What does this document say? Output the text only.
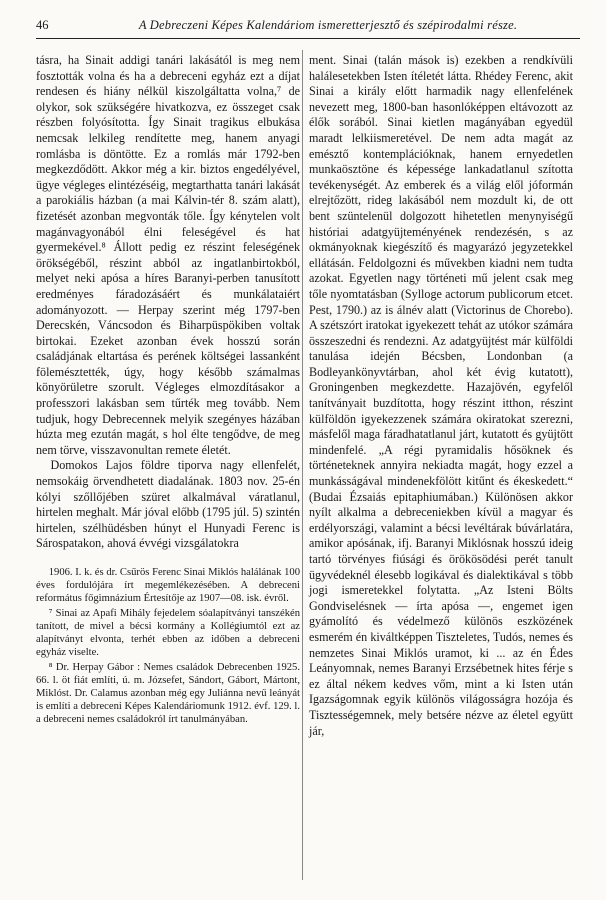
46	A Debreczeni Képes Kalendáriom ismeretterjesztő és szépirodalmi része.

tásra, ha Sinait addigi tanári lakásától is meg nem fosztották volna és ha a debreceni egyház ezt a díjat rendesen és hiány nélkül kiszolgáltatta volna,⁷ de olykor, sok szükségére hivatkozva, ez összeget csak részben folyósította. Így Sinait tragikus elbukása nemcsak lelkileg rendítette meg, hanem anyagi romlásba is döntötte. Ez a romlás már 1792-ben megkezdődött. Akkor még a kir. biztos engedélyével, ügye végleges elintézéséig, megtarthatta tanári lakását a parokiális házban (a mai Kálvin-tér 8. szám alatt), fizetését azonban megvonták tőle. Így kénytelen volt magánvagyonából élni feleségével és hat gyermekével.⁸ Állott pedig ez részint feleségének örökségéből, részint abból az ingatlanbirtokból, melyet neki apósa a híres Baranyi-perben tanusított eredményes fáradozásáért és munkálataiért adományozott. — Herpay szerint még 1797-ben Derecskén, Váncsodon és Biharpüspökiben voltak birtokai. Ezeket azonban évek hosszú során családjának eltartása és perének költségei lassanként fölemésztették, úgy, hogy később számalmas könyörületre szorult. Végleges elmozdításakor a professzori lakásban sem tűrték meg tovább. Nem tudjuk, hogy Debrecennek melyik szegényes házában húzta meg ezután magát, s hol élte tengődve, de meg nem törve, visszavonultan remete életét.

Domokos Lajos földre tiporva nagy ellenfelét, nemsokáig örvendhetett diadalának. 1803 nov. 25-én kólyi szőllőjében szüret alkalmával váratlanul, hirtelen meghalt. Már jóval előbb (1795 júl. 5) szintén hirtelen, szélhüdésben húnyt el Hunyadi Ferenc is Sárospatakon, ahová évvégi vizsgálatokra

1906. I. k. és dr. Csűrös Ferenc Sinai Miklós halálának 100 éves fordulójára írt megemlékezésében. A debreceni református főgimnázium Értesítője az 1907—08. isk. évről.

⁷ Sinai az Apafi Mihály fejedelem sóalapítványi tanszékén tanított, de mivel a bécsi kormány a Kollégiumtól ezt az alapítványt elvonta, terhét ebben az időben a debreceni egyház viselte.

⁸ Dr. Herpay Gábor : Nemes családok Debrecenben 1925. 66. l. öt fiát említi, ú. m. Józsefet, Sándort, Gábort, Mártont, Miklóst. Dr. Calamus azonban még egy Juliánna nevű leányát is említi a debreceni Képes Kalendáriomunk 1912. évf. 129. l. a debreceni nemes családokról írt tanulmányában.

ment. Sinai (talán mások is) ezekben a rendkívüli halálesetekben Isten ítéletét látta. Rhédey Ferenc, akit Sinai a király előtt harmadik nagy ellenfelének nevezett meg, 1800-ban hasonlóképpen eltávozott az élők sorából. Sinai kietlen magányában egyedül maradt lelkiismeretével. De nem adta magát az emésztő kontemplációknak, hanem ernyedetlen munkaösztöne és képessége lankadatlanul szította tevékenységét. Az emberek és a világ elől jóformán elrejtőzött, rideg lakásából nem mozdult ki, de ott bent szüntelenül dolgozott hihetetlen menynyiségű históriai adatgyüjteményének rendezésén, s az okmányoknak kiegészítő és magyarázó jegyzetekkel ellátásán. Feldolgozni és művekben kiadni nem tudta azokat. Egyetlen nagy történeti mű jelent csak meg tőle nyomtatásban (Sylloge actorum publicorum etcet. Pest, 1790.) az is álnév alatt (Victorinus de Chorebo). A szétszórt iratokat igyekezett tehát az utókor számára összeszedni és rendezni. Az adatgyüjtést már külföldi tanulása idején Bécsben, Londonban (a Bodleyankönyvtárban, ahol két évig kutatott), Groningenben megkezdette. Hazajövén, egyfelől tanítványait buzdította, hogy részint itthon, részint külföldön igyekezzenek számára okiratokat szerezni, másfelől maga fáradhatatlanul járt, kutatott és gyüjtött mindenfelé. „A régi pyramidalis hősöknek és történeteknek annyira nekiadta magát, hogy ezzel a munkásságával mindenekfölött kitűnt és ékeskedett.“ (Budai Ézsaiás epitaphiumában.) Különösen akkor nyílt alkalma a debreceniekben kívül a magyar és erdélyországi, valamint a bécsi levéltárak búvárlatára, amikor apósának, ifj. Baranyi Miklósnak hosszú ideig tartó törvényes fiúsági és örökösödési perét tanult ügyvédeknél élesebb logikával és dialektikával s több jogi ismeretekkel folytatta. „Az Isteni Bölts Gondviselésnek — írta apósa —, engemet igen gyámolító és védelmező különös eszközének esmerém én kiváltképpen Tiszteletes, Tudós, nemes és nemzetes Sinai Miklós uramot, ki ... az én Édes Leányomnak, nemes Baranyi Erzsébetnek hites férje s ez által nékem kedves vőm, mint a ki Isten után Igazságomnak egyik különös világosságra hozója és Tisztességemnek, mely betsére nézve az életel együtt jár,
